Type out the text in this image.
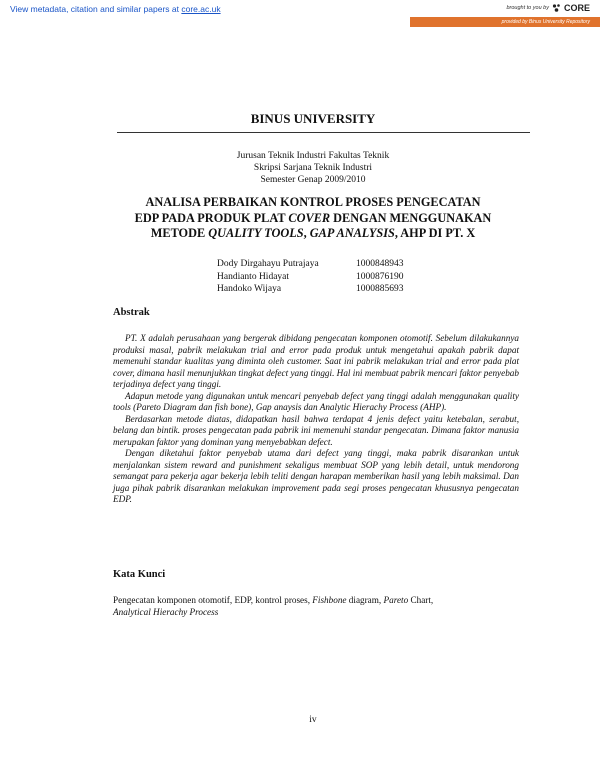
View metadata, citation and similar papers at core.ac.uk	brought to you by CORE
provided by Binus University Repository
BINUS UNIVERSITY
Jurusan Teknik Industri Fakultas Teknik
Skripsi Sarjana Teknik Industri
Semester Genap 2009/2010
ANALISA PERBAIKAN KONTROL PROSES PENGECATAN
EDP PADA PRODUK PLAT COVER DENGAN MENGGUNAKAN
METODE QUALITY TOOLS, GAP ANALYSIS, AHP DI PT. X
Dody Dirgahayu Putrajaya	1000848943
Handianto Hidayat	1000876190
Handoko Wijaya	1000885693
Abstrak

PT. X adalah perusahaan yang bergerak dibidang pengecatan komponen otomotif. Sebelum dilakukannya produksi masal, pabrik melakukan trial and error pada produk untuk mengetahui apakah pabrik dapat memenuhi standar kualitas yang diminta oleh customer. Saat ini pabrik melakukan trial and error pada plat cover, dimana hasil menunjukkan tingkat defect yang tinggi. Hal ini membuat pabrik mencari faktor penyebab terjadinya defect yang tinggi.

Adapun metode yang digunakan untuk mencari penyebab defect yang tinggi adalah menggunakan quality tools (Pareto Diagram dan fish bone), Gap anaysis dan Analytic Hierachy Process (AHP).

Berdasarkan metode diatas, didapatkan hasil bahwa terdapat 4 jenis defect yaitu ketebalan, serabut, belang dan bintik. proses pengecatan pada pabrik ini memenuhi standar pengecatan. Dimana faktor manusia merupakan faktor yang dominan yang menyebabkan defect.

Dengan diketahui faktor penyebab utama dari defect yang tinggi, maka pabrik disarankan untuk menjalankan sistem reward and punishment sekaligus membuat SOP yang lebih detail, untuk mendorong semangat para pekerja agar bekerja lebih teliti dengan harapan memberikan hasil yang lebih maksimal. Dan juga pihak pabrik disarankan melakukan improvement pada segi proses pengecatan khususnya pengecatan EDP.

Kata Kunci
Pengecatan komponen otomotif, EDP, kontrol proses, Fishbone diagram, Pareto Chart,
Analytical Hierachy Process
iv
